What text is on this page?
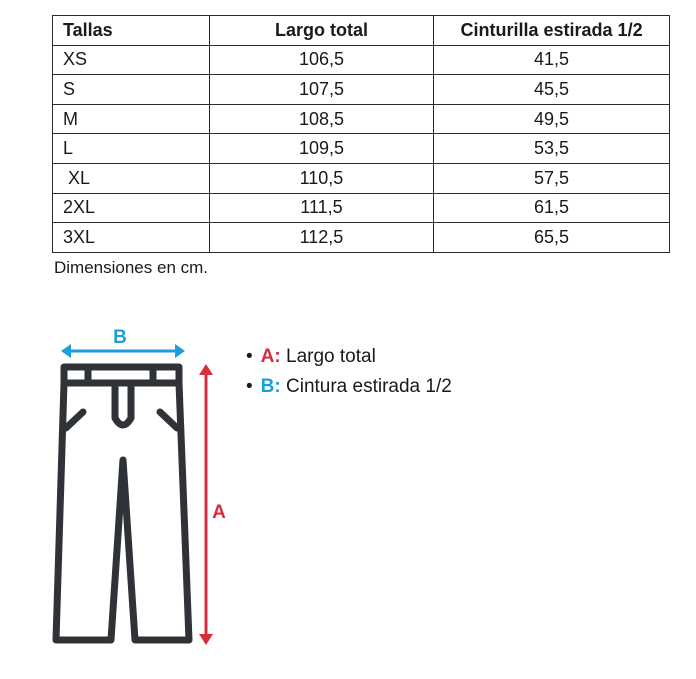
Tallas	Largo total	Cinturilla estirada 1/2
XS	106,5	41,5
S	107,5	45,5
M	108,5	49,5
L	109,5	53,5
XL	110,5	57,5
2XL	111,5	61,5
3XL	112,5	65,5
Dimensiones en cm.
B
A
• A: Largo total
• B: Cintura estirada 1/2
